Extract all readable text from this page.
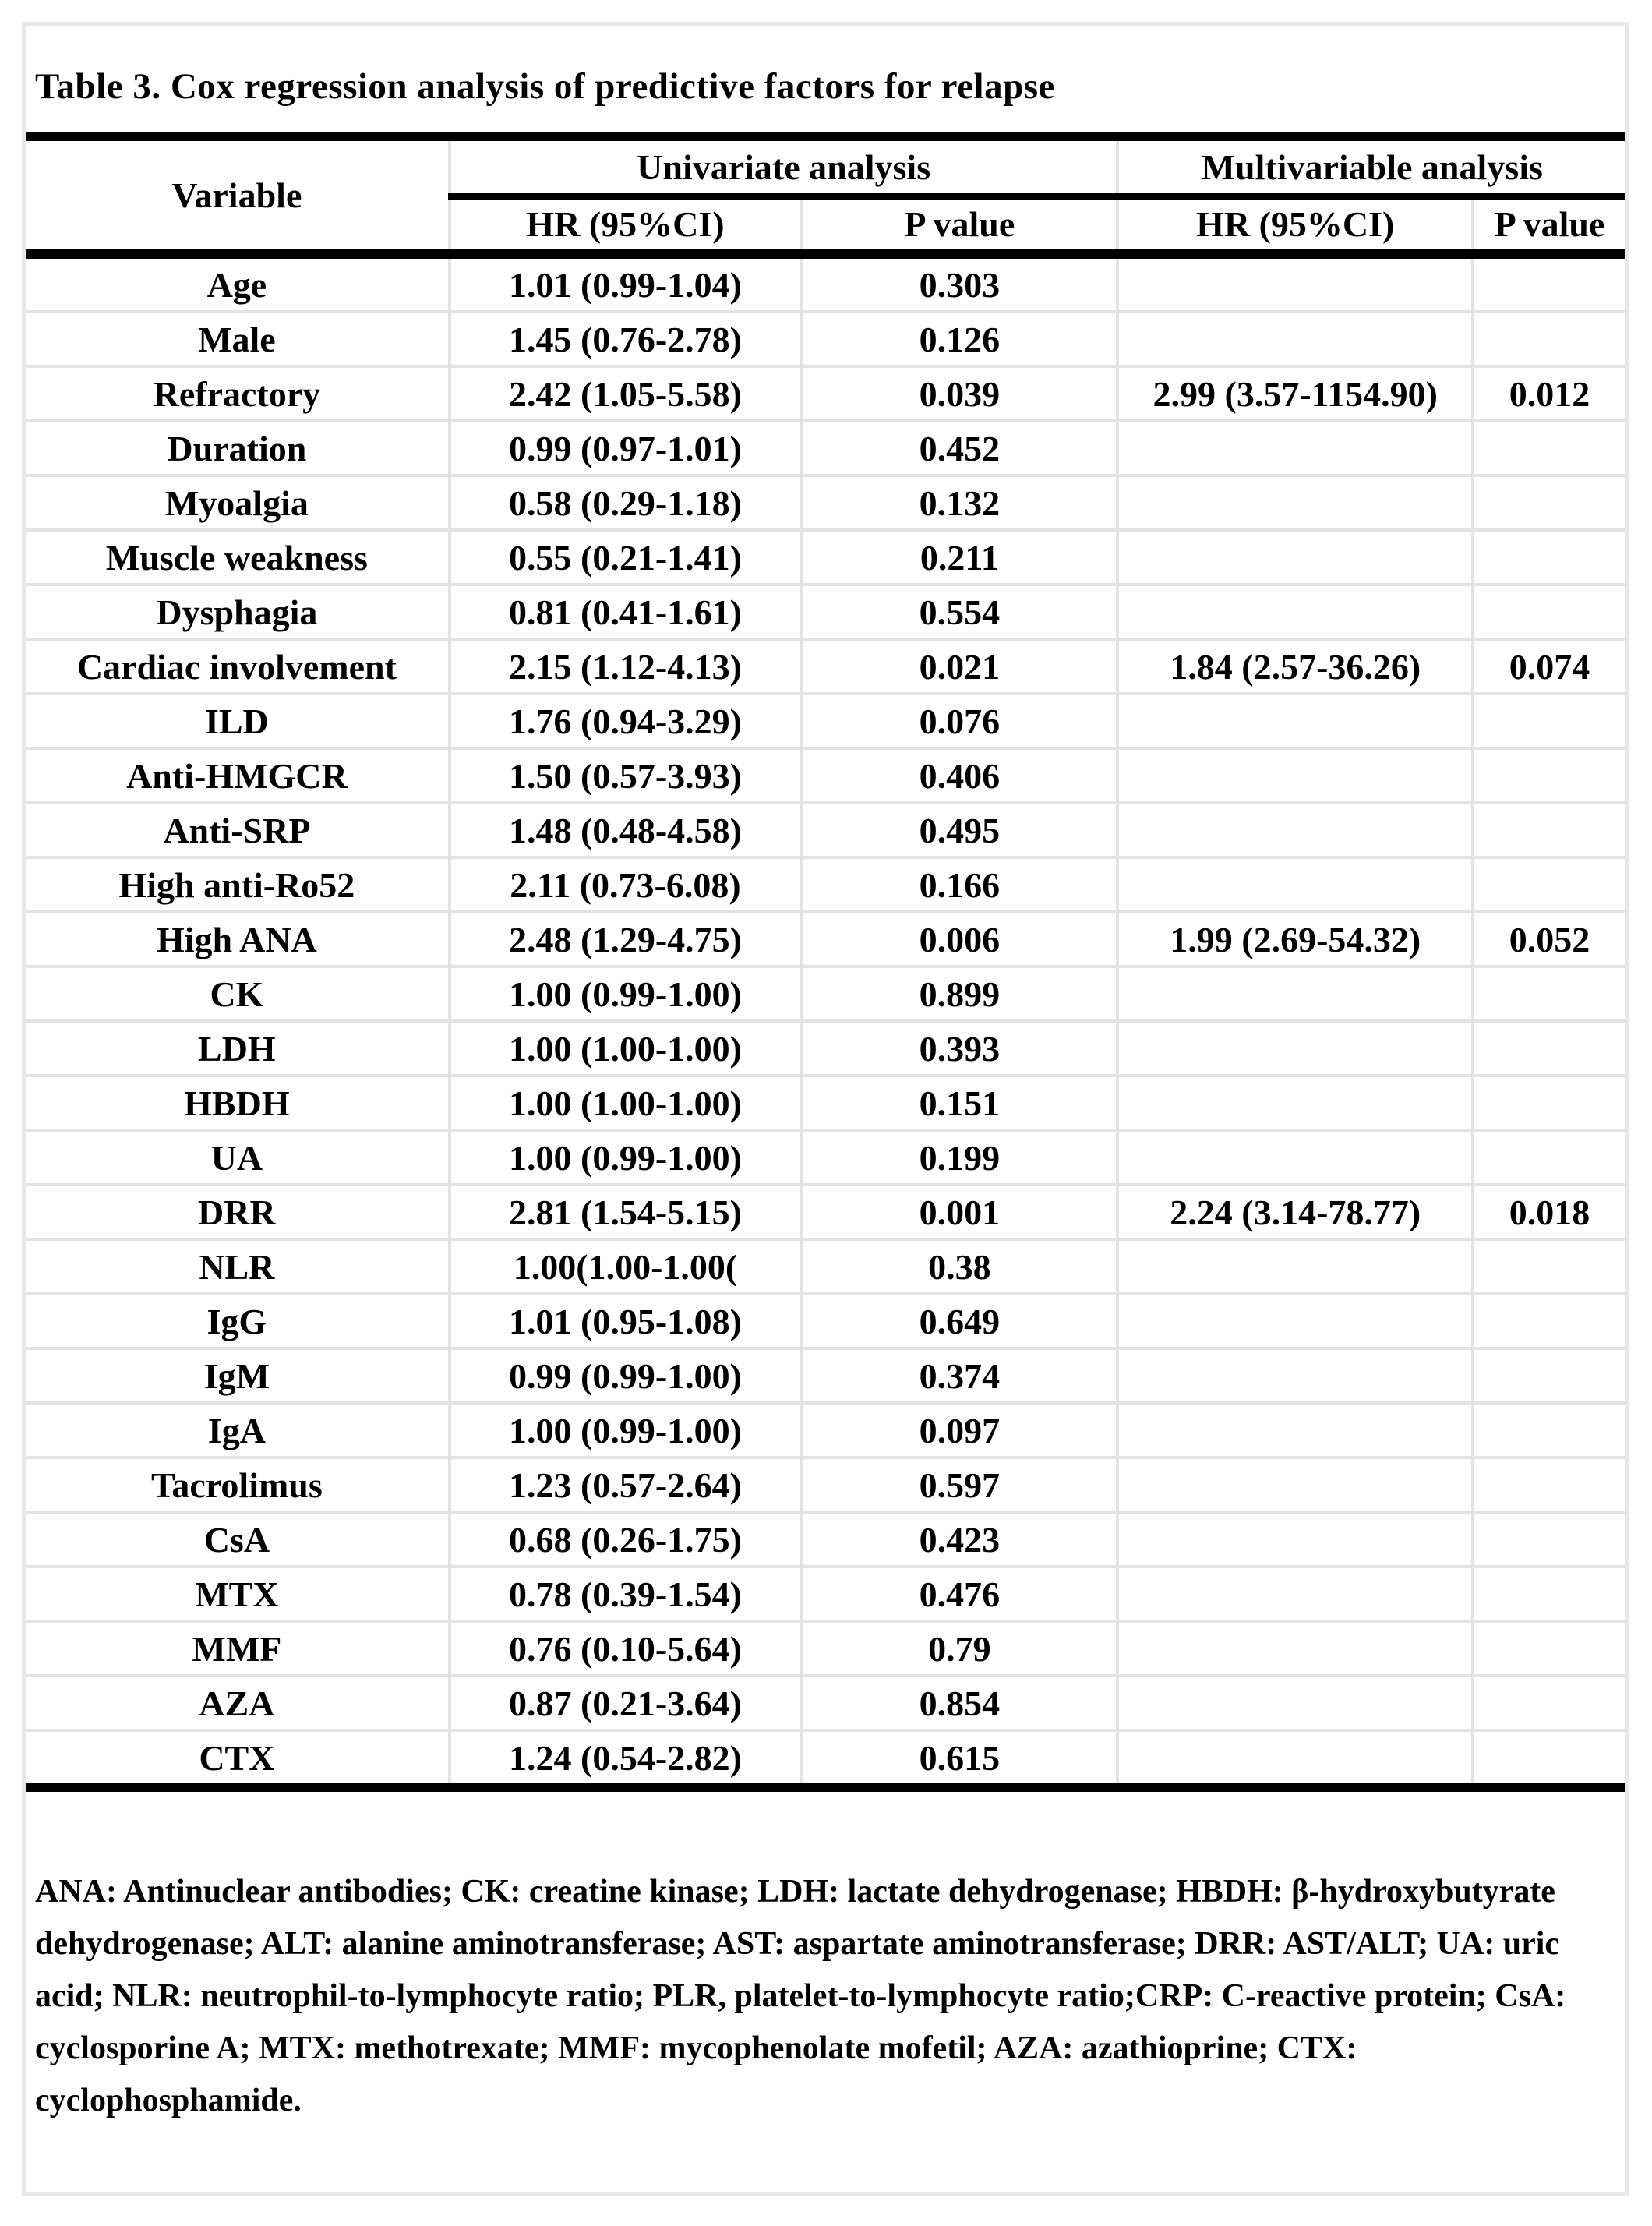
Table 3. Cox regression analysis of predictive factors for relapse
Variable	Univariate analysis		Multivariable analysis	
	HR (95%CI)	P value	HR (95%CI)	P value
Age	1.01 (0.99-1.04)	0.303		
Male	1.45 (0.76-2.78)	0.126		
Refractory	2.42 (1.05-5.58)	0.039	2.99 (3.57-1154.90)	0.012
Duration	0.99 (0.97-1.01)	0.452		
Myoalgia	0.58 (0.29-1.18)	0.132		
Muscle weakness	0.55 (0.21-1.41)	0.211		
Dysphagia	0.81 (0.41-1.61)	0.554		
Cardiac involvement	2.15 (1.12-4.13)	0.021	1.84 (2.57-36.26)	0.074
ILD	1.76 (0.94-3.29)	0.076		
Anti-HMGCR	1.50 (0.57-3.93)	0.406		
Anti-SRP	1.48 (0.48-4.58)	0.495		
High anti-Ro52	2.11 (0.73-6.08)	0.166		
High ANA	2.48 (1.29-4.75)	0.006	1.99 (2.69-54.32)	0.052
CK	1.00 (0.99-1.00)	0.899		
LDH	1.00 (1.00-1.00)	0.393		
HBDH	1.00 (1.00-1.00)	0.151		
UA	1.00 (0.99-1.00)	0.199		
DRR	2.81 (1.54-5.15)	0.001	2.24 (3.14-78.77)	0.018
NLR	1.00(1.00-1.00(	0.38		
IgG	1.01 (0.95-1.08)	0.649		
IgM	0.99 (0.99-1.00)	0.374		
IgA	1.00 (0.99-1.00)	0.097		
Tacrolimus	1.23 (0.57-2.64)	0.597		
CsA	0.68 (0.26-1.75)	0.423		
MTX	0.78 (0.39-1.54)	0.476		
MMF	0.76 (0.10-5.64)	0.79		
AZA	0.87 (0.21-3.64)	0.854		
CTX	1.24 (0.54-2.82)	0.615		
ANA: Antinuclear antibodies; CK: creatine kinase; LDH: lactate dehydrogenase; HBDH: β-hydroxybutyrate
dehydrogenase; ALT: alanine aminotransferase; AST: aspartate aminotransferase; DRR: AST/ALT; UA: uric
acid; NLR: neutrophil-to-lymphocyte ratio; PLR, platelet-to-lymphocyte ratio;CRP: C-reactive protein; CsA:
cyclosporine A; MTX: methotrexate; MMF: mycophenolate mofetil; AZA: azathioprine; CTX:
cyclophosphamide.
